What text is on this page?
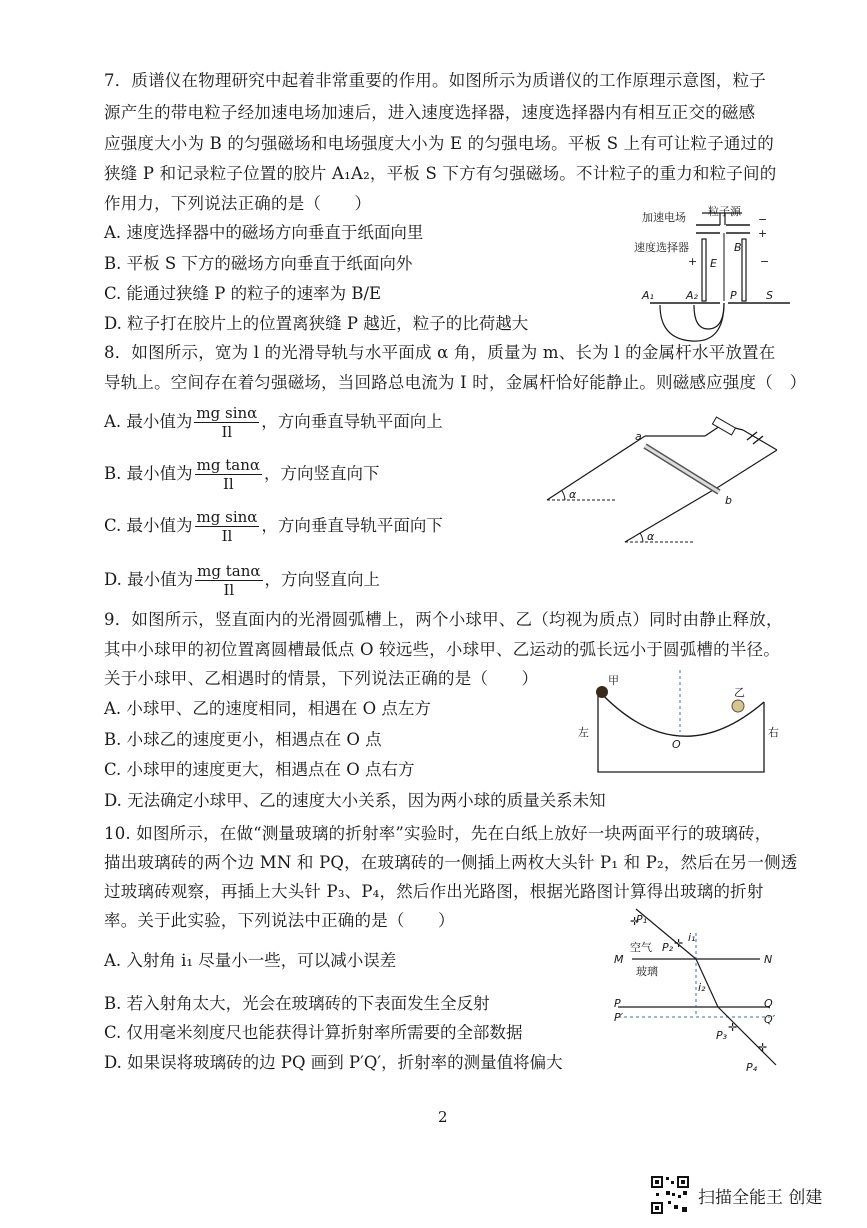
7．质谱仪在物理研究中起着非常重要的作用。如图所示为质谱仪的工作原理示意图，粒子
源产生的带电粒子经加速电场加速后，进入速度选择器，速度选择器内有相互正交的磁感
应强度大小为 B 的匀强磁场和电场强度大小为 E 的匀强电场。平板 S 上有可让粒子通过的
狭缝 P 和记录粒子位置的胶片 A₁A₂，平板 S 下方有匀强磁场。不计粒子的重力和粒子间的
作用力，下列说法正确的是（　　）
A. 速度选择器中的磁场方向垂直于纸面向里
B. 平板 S 下方的磁场方向垂直于纸面向外
C. 能通过狭缝 P 的粒子的速率为 B/E
D. 粒子打在胶片上的位置离狭缝 P 越近，粒子的比荷越大
粒子源
加速电场
速度选择器
−
+
+	−
E
B
A₁	A₂	P	S
8．如图所示，宽为 l 的光滑导轨与水平面成 α 角，质量为 m、长为 l 的金属杆水平放置在
导轨上。空间存在着匀强磁场，当回路总电流为 I 时，金属杆恰好能静止。则磁感应强度（　）
A. 最小值为 $\frac{\text{mg sinα}}{Il}$ ，方向垂直导轨平面向上
B. 最小值为 $\frac{\text{mg tanα}}{Il}$ ，方向竖直向下
C. 最小值为 $\frac{\text{mg sinα}}{Il}$ ，方向垂直导轨平面向下
D. 最小值为 $\frac{\text{mg tanα}}{Il}$ ，方向竖直向上
a
b
α
α
9．如图所示，竖直面内的光滑圆弧槽上，两个小球甲、乙（均视为质点）同时由静止释放，
其中小球甲的初位置离圆槽最低点 O 较远些，小球甲、乙运动的弧长远小于圆弧槽的半径。
关于小球甲、乙相遇时的情景，下列说法正确的是（　　）
A. 小球甲、乙的速度相同，相遇在 O 点左方
B. 小球乙的速度更小，相遇点在 O 点
C. 小球甲的速度更大，相遇点在 O 点右方
D. 无法确定小球甲、乙的速度大小关系，因为两小球的质量关系未知
甲
乙
左	右
O
10. 如图所示，在做“测量玻璃的折射率”实验时，先在白纸上放好一块两面平行的玻璃砖，
描出玻璃砖的两个边 MN 和 PQ，在玻璃砖的一侧插上两枚大头针 P₁ 和 P₂，然后在另一侧透
过玻璃砖观察，再插上大头针 P₃、P₄，然后作出光路图，根据光路图计算得出玻璃的折射
率。关于此实验，下列说法中正确的是（　　）
A. 入射角 i₁ 尽量小一些，可以减小误差
B. 若入射角太大，光会在玻璃砖的下表面发生全反射
C. 仅用毫米刻度尺也能获得计算折射率所需要的全部数据
D. 如果误将玻璃砖的边 PQ 画到 P′Q′，折射率的测量值将偏大
✛
✛
✛
✛
P₁
P₂
P₃
P₄
空气
玻璃
M	N
P	Q
P′	Q′
i₁
i₂
2
扫描全能王 创建
